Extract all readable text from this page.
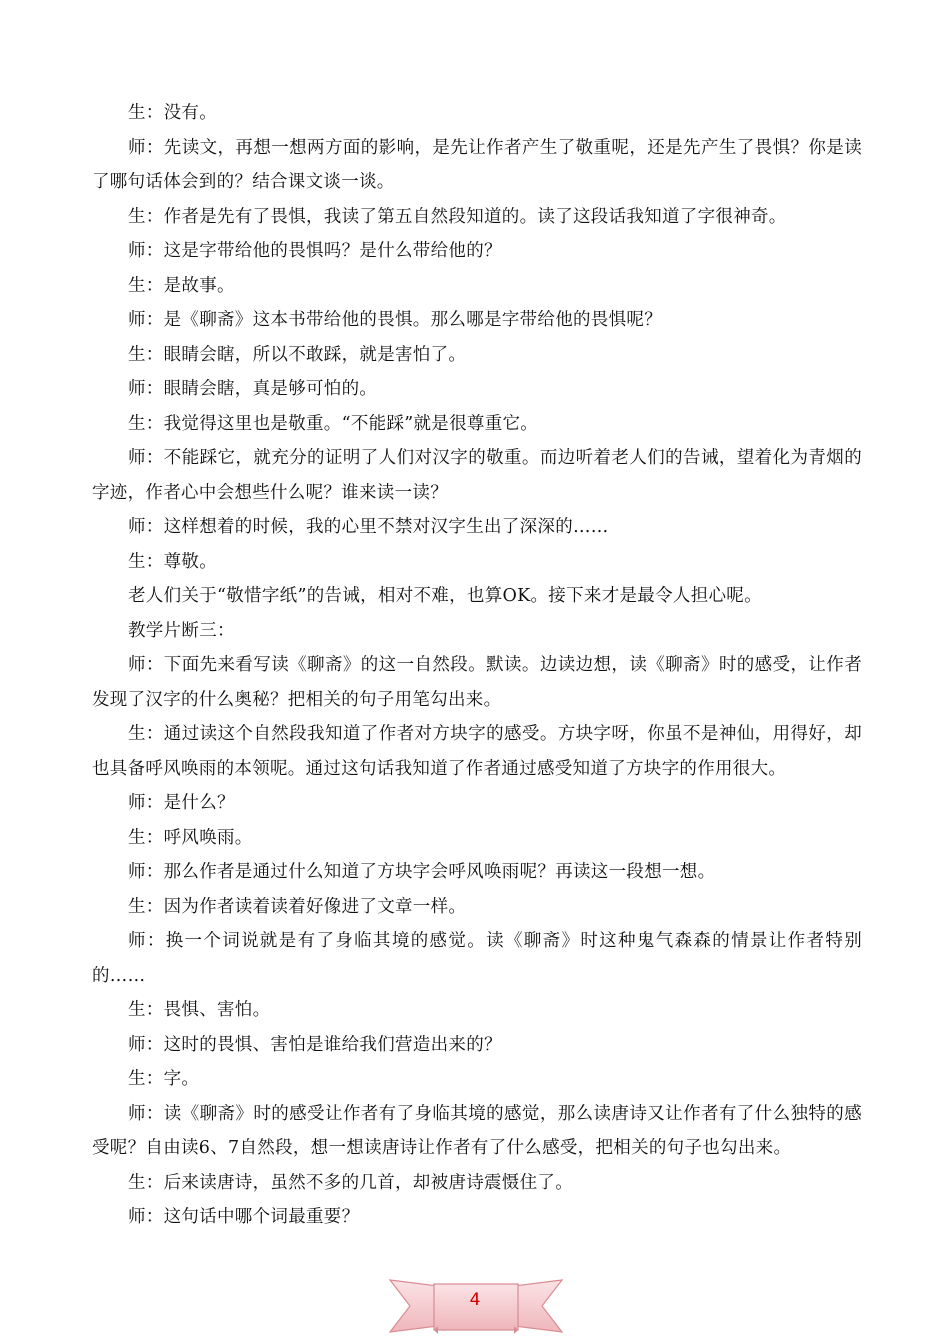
生：没有。

师：先读文，再想一想两方面的影响，是先让作者产生了敬重呢，还是先产生了畏惧？你是读了哪句话体会到的？结合课文谈一谈。

生：作者是先有了畏惧，我读了第五自然段知道的。读了这段话我知道了字很神奇。

师：这是字带给他的畏惧吗？是什么带给他的？

生：是故事。

师：是《聊斋》这本书带给他的畏惧。那么哪是字带给他的畏惧呢？

生：眼睛会瞎，所以不敢踩，就是害怕了。

师：眼睛会瞎，真是够可怕的。

生：我觉得这里也是敬重。“不能踩”就是很尊重它。

师：不能踩它，就充分的证明了人们对汉字的敬重。而边听着老人们的告诫，望着化为青烟的字迹，作者心中会想些什么呢？谁来读一读？

师：这样想着的时候，我的心里不禁对汉字生出了深深的……

生：尊敬。

老人们关于“敬惜字纸”的告诫，相对不难，也算OK。接下来才是最令人担心呢。

教学片断三：

师：下面先来看写读《聊斋》的这一自然段。默读。边读边想，读《聊斋》时的感受，让作者发现了汉字的什么奥秘？把相关的句子用笔勾出来。

生：通过读这个自然段我知道了作者对方块字的感受。方块字呀，你虽不是神仙，用得好，却也具备呼风唤雨的本领呢。通过这句话我知道了作者通过感受知道了方块字的作用很大。

师：是什么？

生：呼风唤雨。

师：那么作者是通过什么知道了方块字会呼风唤雨呢？再读这一段想一想。

生：因为作者读着读着好像进了文章一样。

师：换一个词说就是有了身临其境的感觉。读《聊斋》时这种鬼气森森的情景让作者特别的……

生：畏惧、害怕。

师：这时的畏惧、害怕是谁给我们营造出来的？

生：字。

师：读《聊斋》时的感受让作者有了身临其境的感觉，那么读唐诗又让作者有了什么独特的感受呢？自由读6、7自然段，想一想读唐诗让作者有了什么感受，把相关的句子也勾出来。

生：后来读唐诗，虽然不多的几首，却被唐诗震慑住了。

师：这句话中哪个词最重要？

4
